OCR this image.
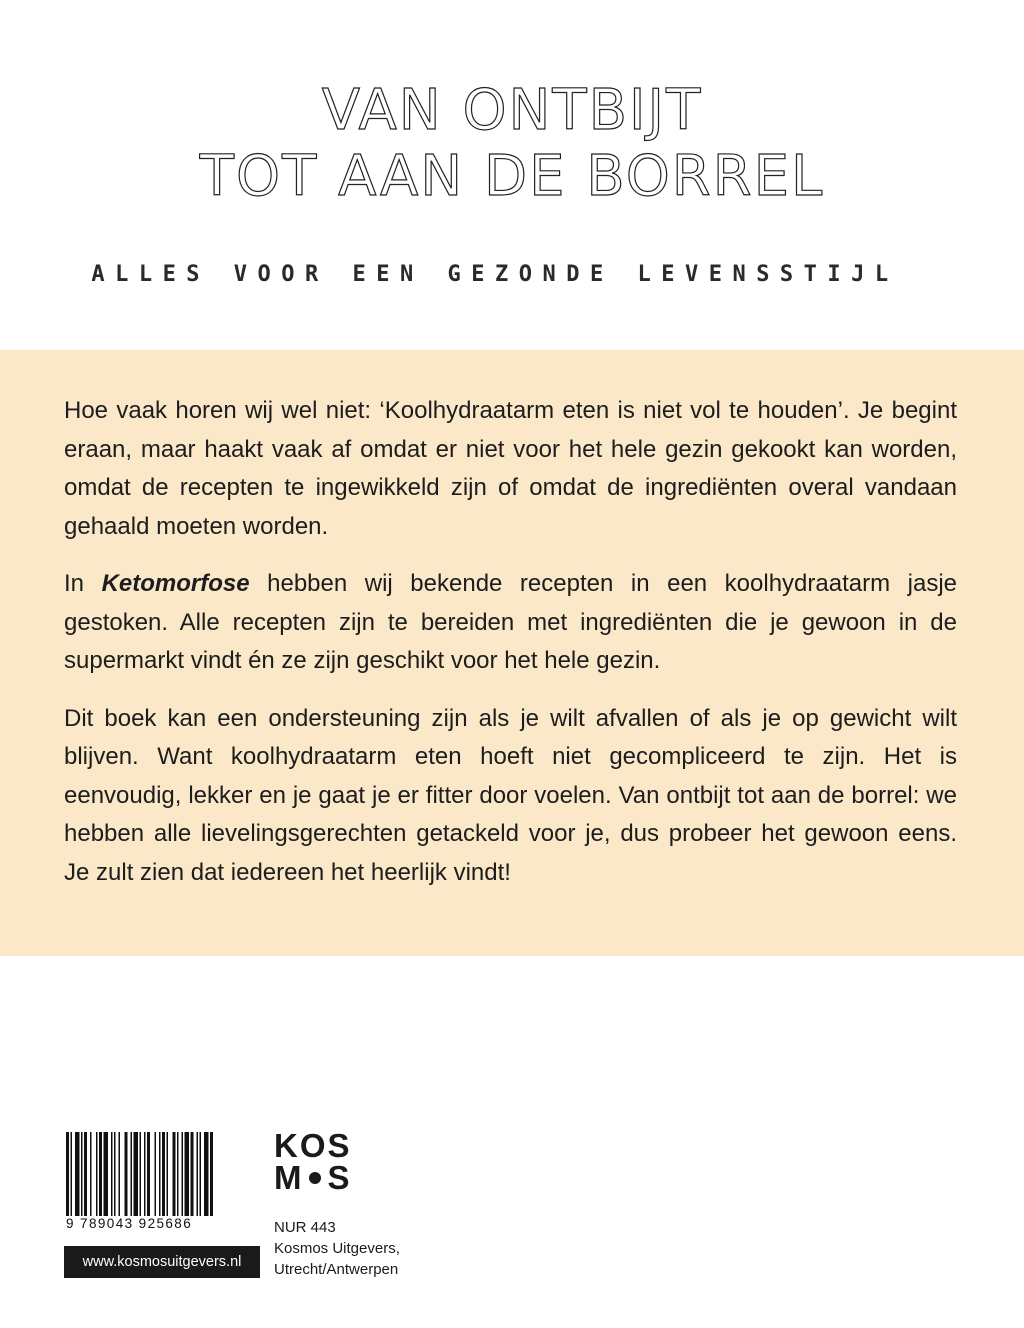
VAN ONTBIJT
TOT AAN DE BORREL
ALLES VOOR EEN GEZONDE LEVENSSTIJL

Hoe vaak horen wij wel niet: ‘Koolhydraatarm eten is niet vol te houden’. Je begint eraan, maar haakt vaak af omdat er niet voor het hele gezin gekookt kan worden, omdat de recepten te ingewikkeld zijn of omdat de ingrediënten overal vandaan gehaald moeten worden.

In Ketomorfose hebben wij bekende recepten in een koolhydraatarm jasje gestoken. Alle recepten zijn te bereiden met ingrediënten die je gewoon in de supermarkt vindt én ze zijn geschikt voor het hele gezin.

Dit boek kan een ondersteuning zijn als je wilt afvallen of als je op gewicht wilt blijven. Want koolhydraatarm eten hoeft niet gecompliceerd te zijn. Het is eenvoudig, lekker en je gaat je er fitter door voelen. Van ontbijt tot aan de borrel: we hebben alle lievelingsgerechten getackeld voor je, dus probeer het gewoon eens. Je zult zien dat iedereen het heerlijk vindt!

9 789043 925686
www.kosmosuitgevers.nl
KOS
M S
NUR 443
Kosmos Uitgevers,
Utrecht/Antwerpen
